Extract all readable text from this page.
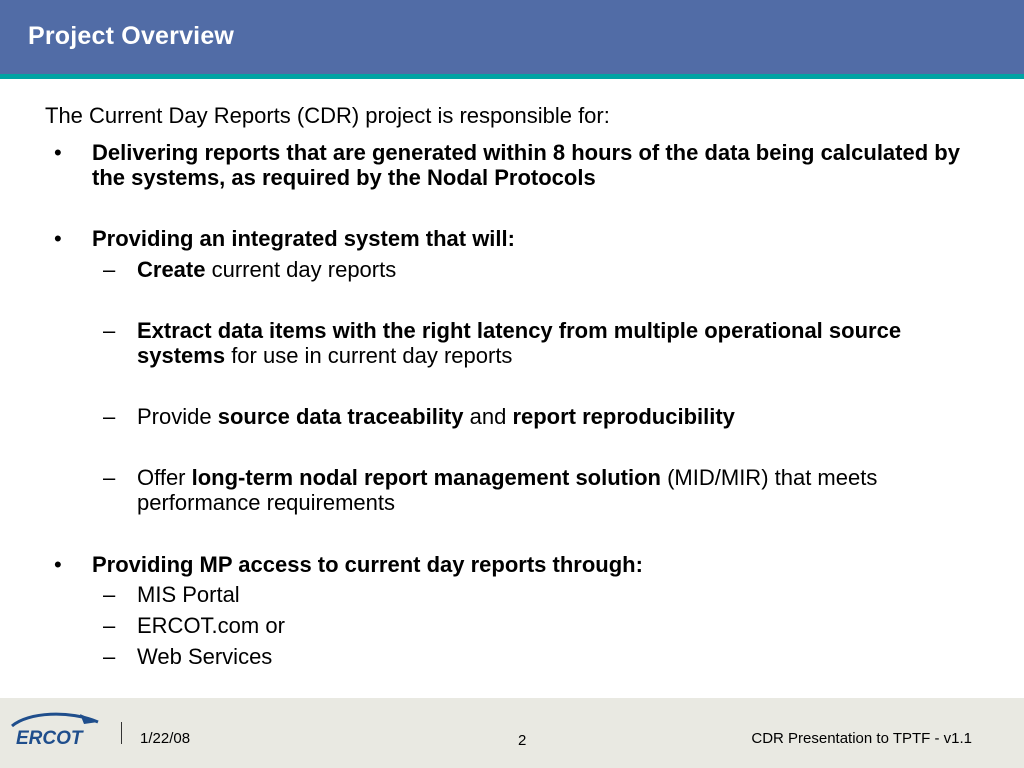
Project Overview
The Current Day Reports (CDR) project is responsible for:
• Delivering reports that are generated within 8 hours of the data being calculated by the systems, as required by the Nodal Protocols
• Providing an integrated system that will:
– Create current day reports
– Extract data items with the right latency from multiple operational source systems for use in current day reports
– Provide source data traceability and report reproducibility
– Offer long-term nodal report management solution (MID/MIR) that meets performance requirements
• Providing MP access to current day reports through:
– MIS Portal
– ERCOT.com or
– Web Services
ERCOT	1/22/08	2	CDR Presentation to TPTF - v1.1
